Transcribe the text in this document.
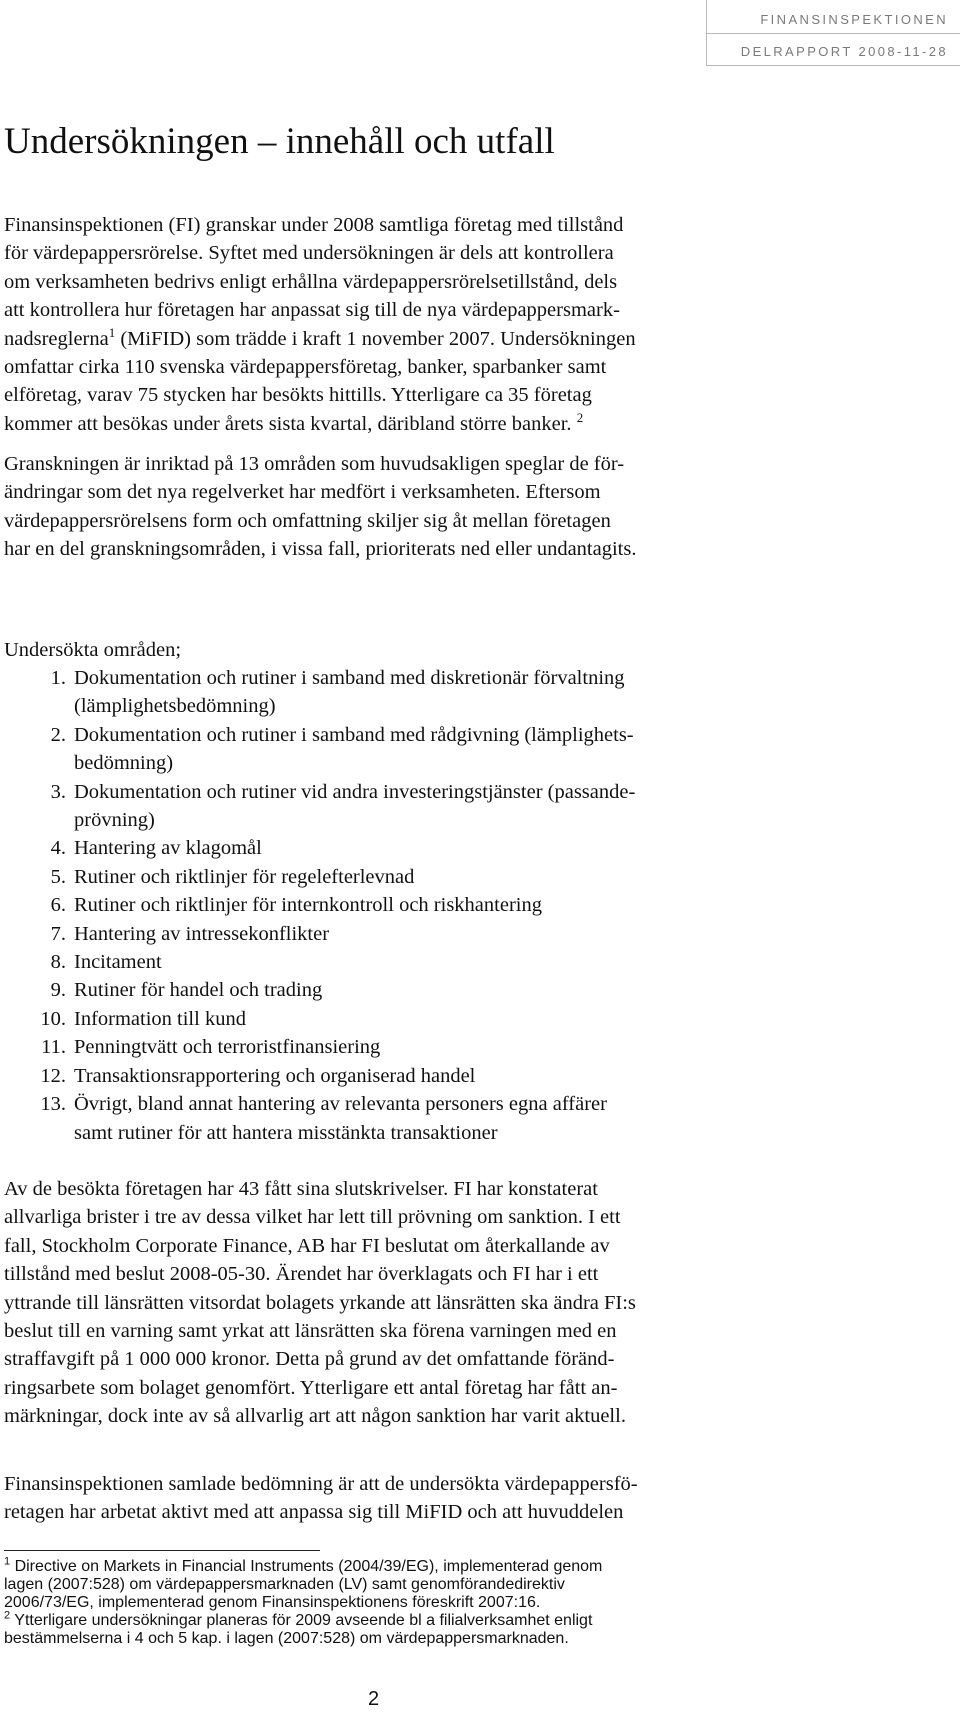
FINANSINSPEKTIONEN
DELRAPPORT 2008-11-28
Undersökningen – innehåll och utfall

Finansinspektionen (FI) granskar under 2008 samtliga företag med tillstånd
för värdepappersrörelse. Syftet med undersökningen är dels att kontrollera
om verksamheten bedrivs enligt erhållna värdepappersrörelsetillstånd, dels
att kontrollera hur företagen har anpassat sig till de nya värdepappersmark-
nadsreglerna$^1$ (MiFID) som trädde i kraft 1 november 2007. Undersökningen
omfattar cirka 110 svenska värdepappersföretag, banker, sparbanker samt
elföretag, varav 75 stycken har besökts hittills. Ytterligare ca 35 företag
kommer att besökas under årets sista kvartal, däribland större banker. $^2$

Granskningen är inriktad på 13 områden som huvudsakligen speglar de för-
ändringar som det nya regelverket har medfört i verksamheten. Eftersom
värdepappersrörelsens form och omfattning skiljer sig åt mellan företagen
har en del granskningsområden, i vissa fall, prioriterats ned eller undantagits.

Undersökta områden;

1. Dokumentation och rutiner i samband med diskretionär förvaltning
(lämplighetsbedömning)
2. Dokumentation och rutiner i samband med rådgivning (lämplighets-
bedömning)
3. Dokumentation och rutiner vid andra investeringstjänster (passande-
prövning)
4. Hantering av klagomål
5. Rutiner och riktlinjer för regelefterlevnad
6. Rutiner och riktlinjer för internkontroll och riskhantering
7. Hantering av intressekonflikter
8. Incitament
9. Rutiner för handel och trading
10. Information till kund
11. Penningtvätt och terroristfinansiering
12. Transaktionsrapportering och organiserad handel
13. Övrigt, bland annat hantering av relevanta personers egna affärer
samt rutiner för att hantera misstänkta transaktioner

Av de besökta företagen har 43 fått sina slutskrivelser. FI har konstaterat
allvarliga brister i tre av dessa vilket har lett till prövning om sanktion. I ett
fall, Stockholm Corporate Finance, AB har FI beslutat om återkallande av
tillstånd med beslut 2008-05-30. Ärendet har överklagats och FI har i ett
yttrande till länsrätten vitsordat bolagets yrkande att länsrätten ska ändra FI:s
beslut till en varning samt yrkat att länsrätten ska förena varningen med en
straffavgift på 1 000 000 kronor. Detta på grund av det omfattande föränd-
ringsarbete som bolaget genomfört. Ytterligare ett antal företag har fått an-
märkningar, dock inte av så allvarlig art att någon sanktion har varit aktuell.

Finansinspektionen samlade bedömning är att de undersökta värdepappersfö-
retagen har arbetat aktivt med att anpassa sig till MiFID och att huvuddelen

$^1$ Directive on Markets in Financial Instruments (2004/39/EG), implementerad genom
lagen (2007:528) om värdepappersmarknaden (LV) samt genomförandedirektiv
2006/73/EG, implementerad genom Finansinspektionens föreskrift 2007:16.
$^2$ Ytterligare undersökningar planeras för 2009 avseende bl a filialverksamhet enligt
bestämmelserna i 4 och 5 kap. i lagen (2007:528) om värdepappersmarknaden.
2
